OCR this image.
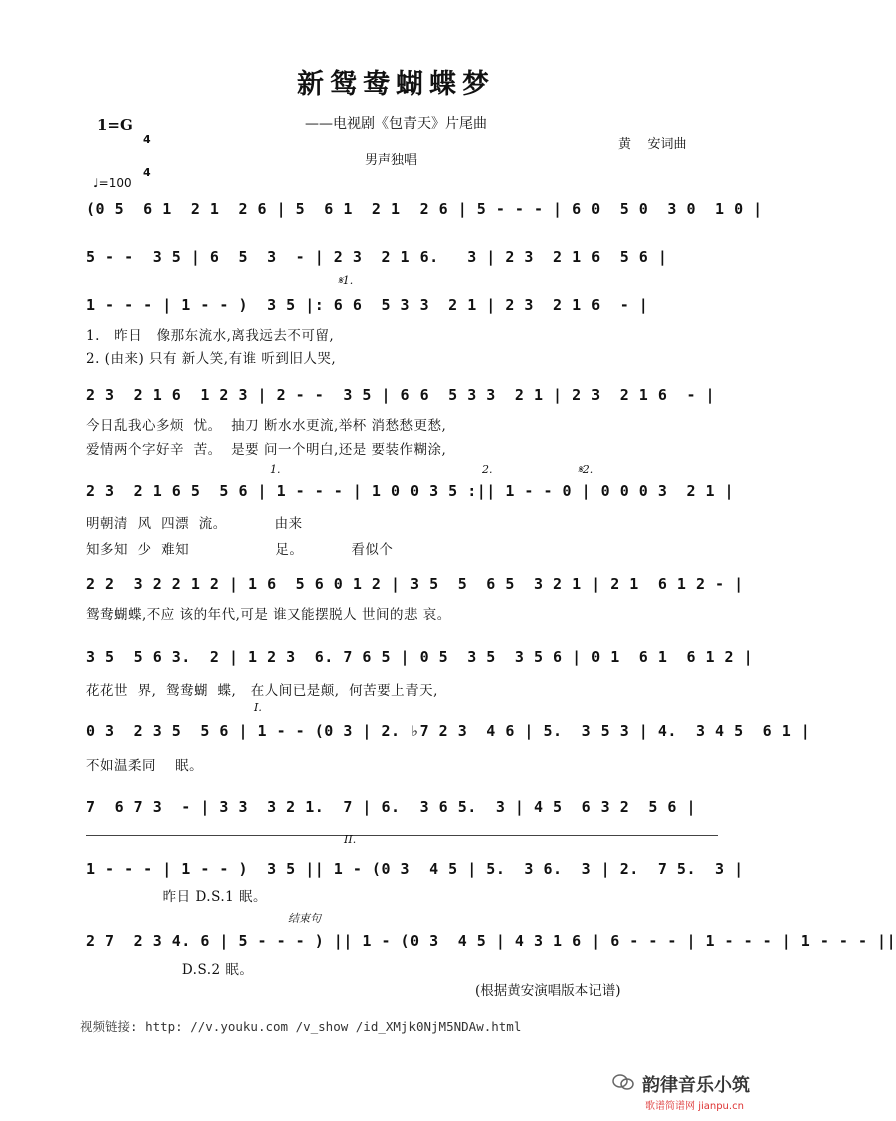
新鸳鸯蝴蝶梦
——电视剧《包青天》片尾曲
1=G

4

4

黄    安词曲
男声独唱
♩=100
(0 5  6 1  2 1  2 6 | 5  6 1  2 1  2 6 | 5 - - - | 6 0  5 0  3 0  1 0 |
5 - -  3 5 | 6  5  3  - | 2 3  2 1 6.   3 | 2 3  2 1 6  5 6 |
𝄋1.
1 - - - | 1 - - )  3 5 |: 6 6  5 3 3  2 1 | 2 3  2 1 6  - |
1.   昨日   像那东流水,离我远去不可留,
2. (由来) 只有 新人笑,有谁 听到旧人哭,
2 3  2 1 6  1 2 3 | 2 - -  3 5 | 6 6  5 3 3  2 1 | 2 3  2 1 6  - |
今日乱我心多烦  忧。  抽刀 断水水更流,举杯 消愁愁更愁,
爱情两个字好辛  苦。  是要 问一个明白,还是 要装作糊涂,
1.	2.	𝄋2.
2 3  2 1 6 5  5 6 | 1 - - - | 1 0 0 3 5 :|| 1 - - 0 | 0 0 0 3  2 1 |
明朝清  风  四漂  流。          由来
知多知  少  难知                  足。          看似个
2 2  3 2 2 1 2 | 1 6  5 6 0 1 2 | 3 5  5  6 5  3 2 1 | 2 1  6 1 2 - |
鸳鸯蝴蝶,不应 该的年代,可是 谁又能摆脱人 世间的悲 哀。
3 5  5 6 3.  2 | 1 2 3  6. 7 6 5 | 0 5  3 5  3 5 6 | 0 1  6 1  6 1 2 |
花花世  界,  鸳鸯蝴  蝶,   在人间已是颠,  何苦要上青天,
I.
0 3  2 3 5  5 6 | 1 - - (0 3 | 2. ♭7 2 3  4 6 | 5.  3 5 3 | 4.  3 4 5  6 1 |
不如温柔同    眠。
7  6 7 3  - | 3 3  3 2 1.  7 | 6.  3 6 5.  3 | 4 5  6 3 2  5 6 |
II.
1 - - - | 1 - - )  3 5 || 1 - (0 3  4 5 | 5.  3 6.  3 | 2.  7 5.  3 |
昨日 D.S.1 眠。
结束句
2 7  2 3 4. 6 | 5 - - - ) || 1 - (0 3  4 5 | 4 3 1 6 | 6 - - - | 1 - - - | 1 - - - ||
D.S.2 眠。
(根据黄安演唱版本记谱)
视频链接: http: //v.youku.com /v_show /id_XMjk0NjM5NDAw.html
韵律音乐小筑
歌谱简谱网 jianpu.cn
